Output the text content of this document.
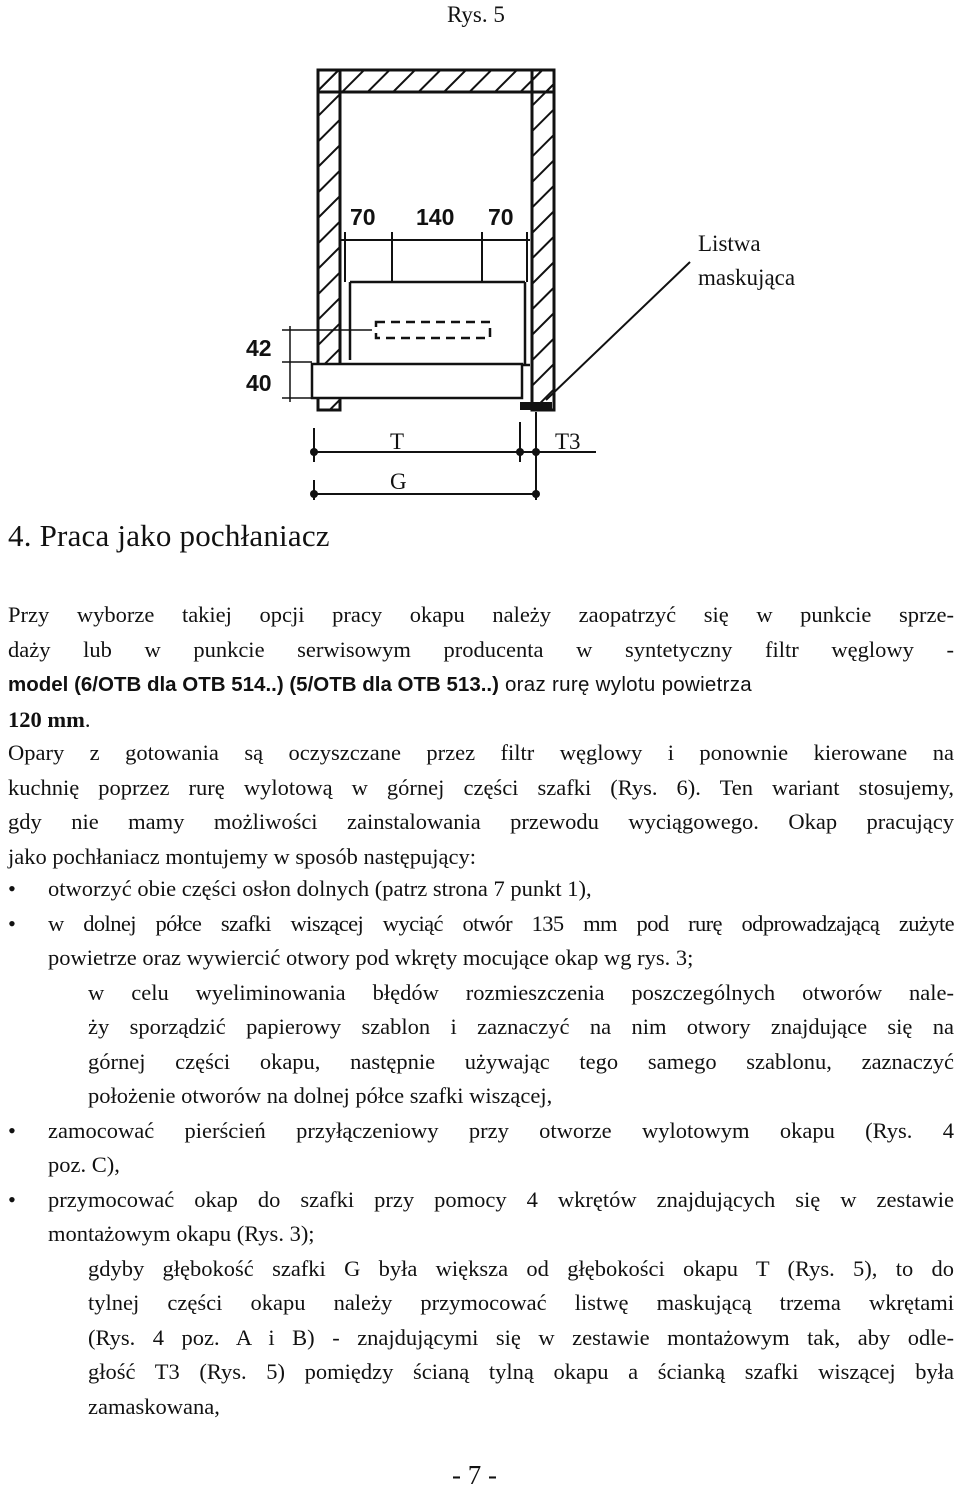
Rys. 5
70 140 70
42
40
Listwa
maskująca
T	T3
G
4. Praca jako pochłaniacz
Przy wyborze takiej opcji pracy okapu należy zaopatrzyć się w punkcie sprze-
daży lub w punkcie serwisowym producenta w syntetyczny filtr węglowy -
model (6/OTB dla OTB 514..) (5/OTB dla OTB 513..) oraz rurę wylotu powietrza
120 mm.
Opary z gotowania są oczyszczane przez filtr węglowy i ponownie kierowane na
kuchnię poprzez rurę wylotową w górnej części szafki (Rys. 6). Ten wariant stosujemy,
gdy nie mamy możliwości zainstalowania przewodu wyciągowego. Okap pracujący
jako pochłaniacz montujemy w sposób następujący:
• otworzyć obie części osłon dolnych (patrz strona 7 punkt 1),
• w dolnej półce szafki wiszącej wyciąć otwór 135 mm pod rurę odprowadzającą zużyte
powietrze oraz wywiercić otwory pod wkręty mocujące okap wg rys. 3;
w celu wyeliminowania błędów rozmieszczenia poszczególnych otworów nale-
ży sporządzić papierowy szablon i zaznaczyć na nim otwory znajdujące się na
górnej części okapu, następnie używając tego samego szablonu, zaznaczyć
położenie otworów na dolnej półce szafki wiszącej,
• zamocować pierścień przyłączeniowy przy otworze wylotowym okapu (Rys. 4
poz. C),
• przymocować okap do szafki przy pomocy 4 wkrętów znajdujących się w zestawie
montażowym okapu (Rys. 3);
gdyby głębokość szafki G była większa od głębokości okapu T (Rys. 5), to do
tylnej części okapu należy przymocować listwę maskującą trzema wkrętami
(Rys. 4 poz. A i B) - znajdującymi się w zestawie montażowym tak, aby odle-
głość T3 (Rys. 5) pomiędzy ścianą tylną okapu a ścianką szafki wiszącej była
zamaskowana,
- 7 -
